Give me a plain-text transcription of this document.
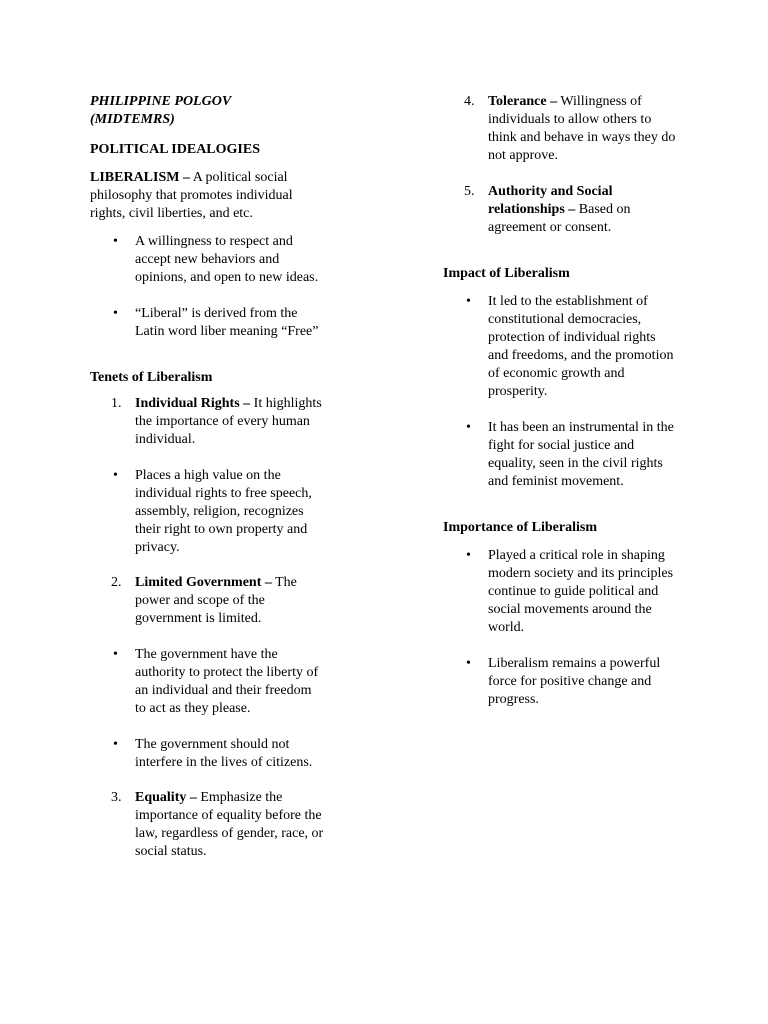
PHILIPPINE POLGOV
(MIDTEMRS)

POLITICAL IDEALOGIES

LIBERALISM – A political social philosophy that promotes individual rights, civil liberties, and etc.

• A willingness to respect and accept new behaviors and opinions, and open to new ideas.
• “Liberal” is derived from the Latin word liber meaning “Free”

Tenets of Liberalism

1. Individual Rights – It highlights the importance of every human individual.
• Places a high value on the individual rights to free speech, assembly, religion, recognizes their right to own property and privacy.
2. Limited Government – The power and scope of the government is limited.
• The government have the authority to protect the liberty of an individual and their freedom to act as they please.
• The government should not interfere in the lives of citizens.
3. Equality – Emphasize the importance of equality before the law, regardless of gender, race, or social status.
4. Tolerance – Willingness of individuals to allow others to think and behave in ways they do not approve.
5. Authority and Social relationships – Based on agreement or consent.

Impact of Liberalism

• It led to the establishment of constitutional democracies, protection of individual rights and freedoms, and the promotion of economic growth and prosperity.
• It has been an instrumental in the fight for social justice and equality, seen in the civil rights and feminist movement.

Importance of Liberalism

• Played a critical role in shaping modern society and its principles continue to guide political and social movements around the world.
• Liberalism remains a powerful force for positive change and progress.
